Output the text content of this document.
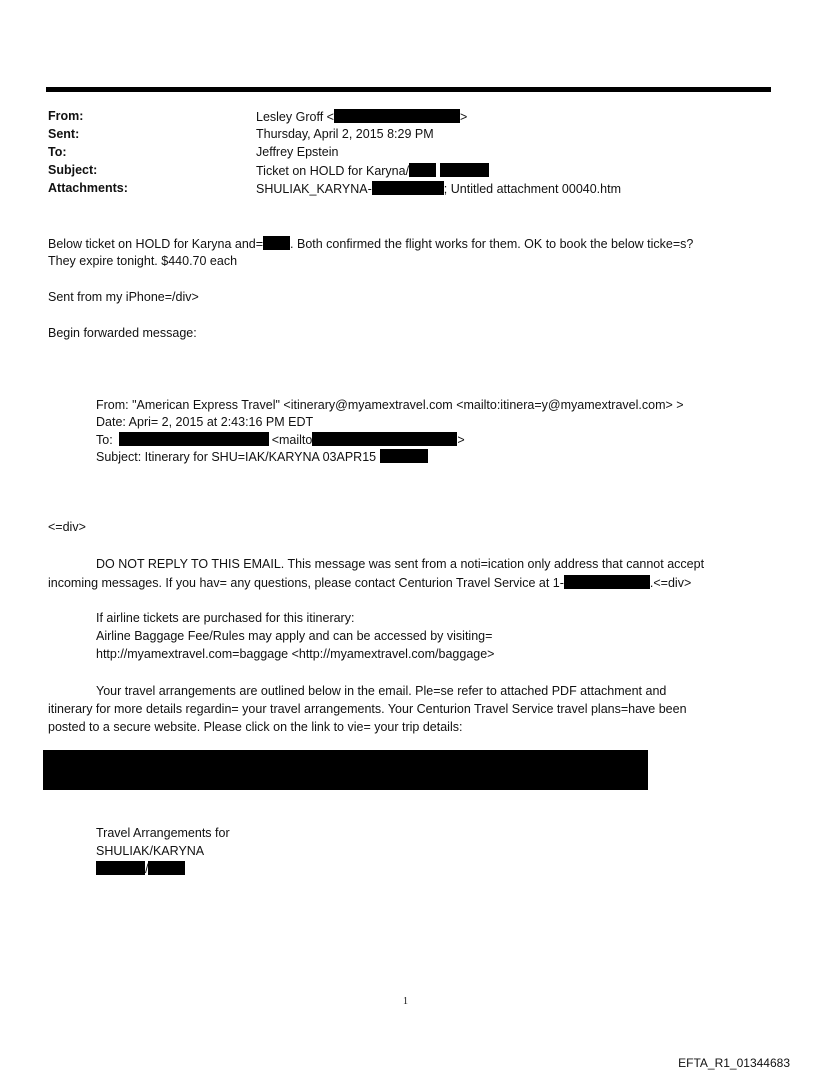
From:	Lesley Groff <	>
Sent:	Thursday, April 2, 2015 8:29 PM
To:	Jeffrey Epstein
Subject:	Ticket on HOLD for Karyna/
Attachments:	SHULIAK_KARYNA-	; Untitled attachment 00040.htm
Below ticket on HOLD for Karyna and= . Both confirmed the flight works for them. OK to book the below ticke=s?
They expire tonight. $440.70 each
Sent from my iPhone=/div>
Begin forwarded message:
From: "American Express Travel" <itinerary@myamextravel.com <mailto:itinera=y@myamextravel.com> >
Date: Apri= 2, 2015 at 2:43:16 PM EDT
To:	<mailto	>
Subject: Itinerary for SHU=IAK/KARYNA 03APR15
<=div>
DO NOT REPLY TO THIS EMAIL. This message was sent from a noti=ication only address that cannot accept
incoming messages. If you hav= any questions, please contact Centurion Travel Service at 1-	.<=div>
If airline tickets are purchased for this itinerary:
Airline Baggage Fee/Rules may apply and can be accessed by visiting=
http://myamextravel.com=baggage <http://myamextravel.com/baggage>
Your travel arrangements are outlined below in the email. Ple=se refer to attached PDF attachment and
itinerary for more details regardin= your travel arrangements. Your Centurion Travel Service travel plans=have been
posted to a secure website. Please click on the link to vie= your trip details:
Travel Arrangements for
SHULIAK/KARYNA
/
1
EFTA_R1_01344683
